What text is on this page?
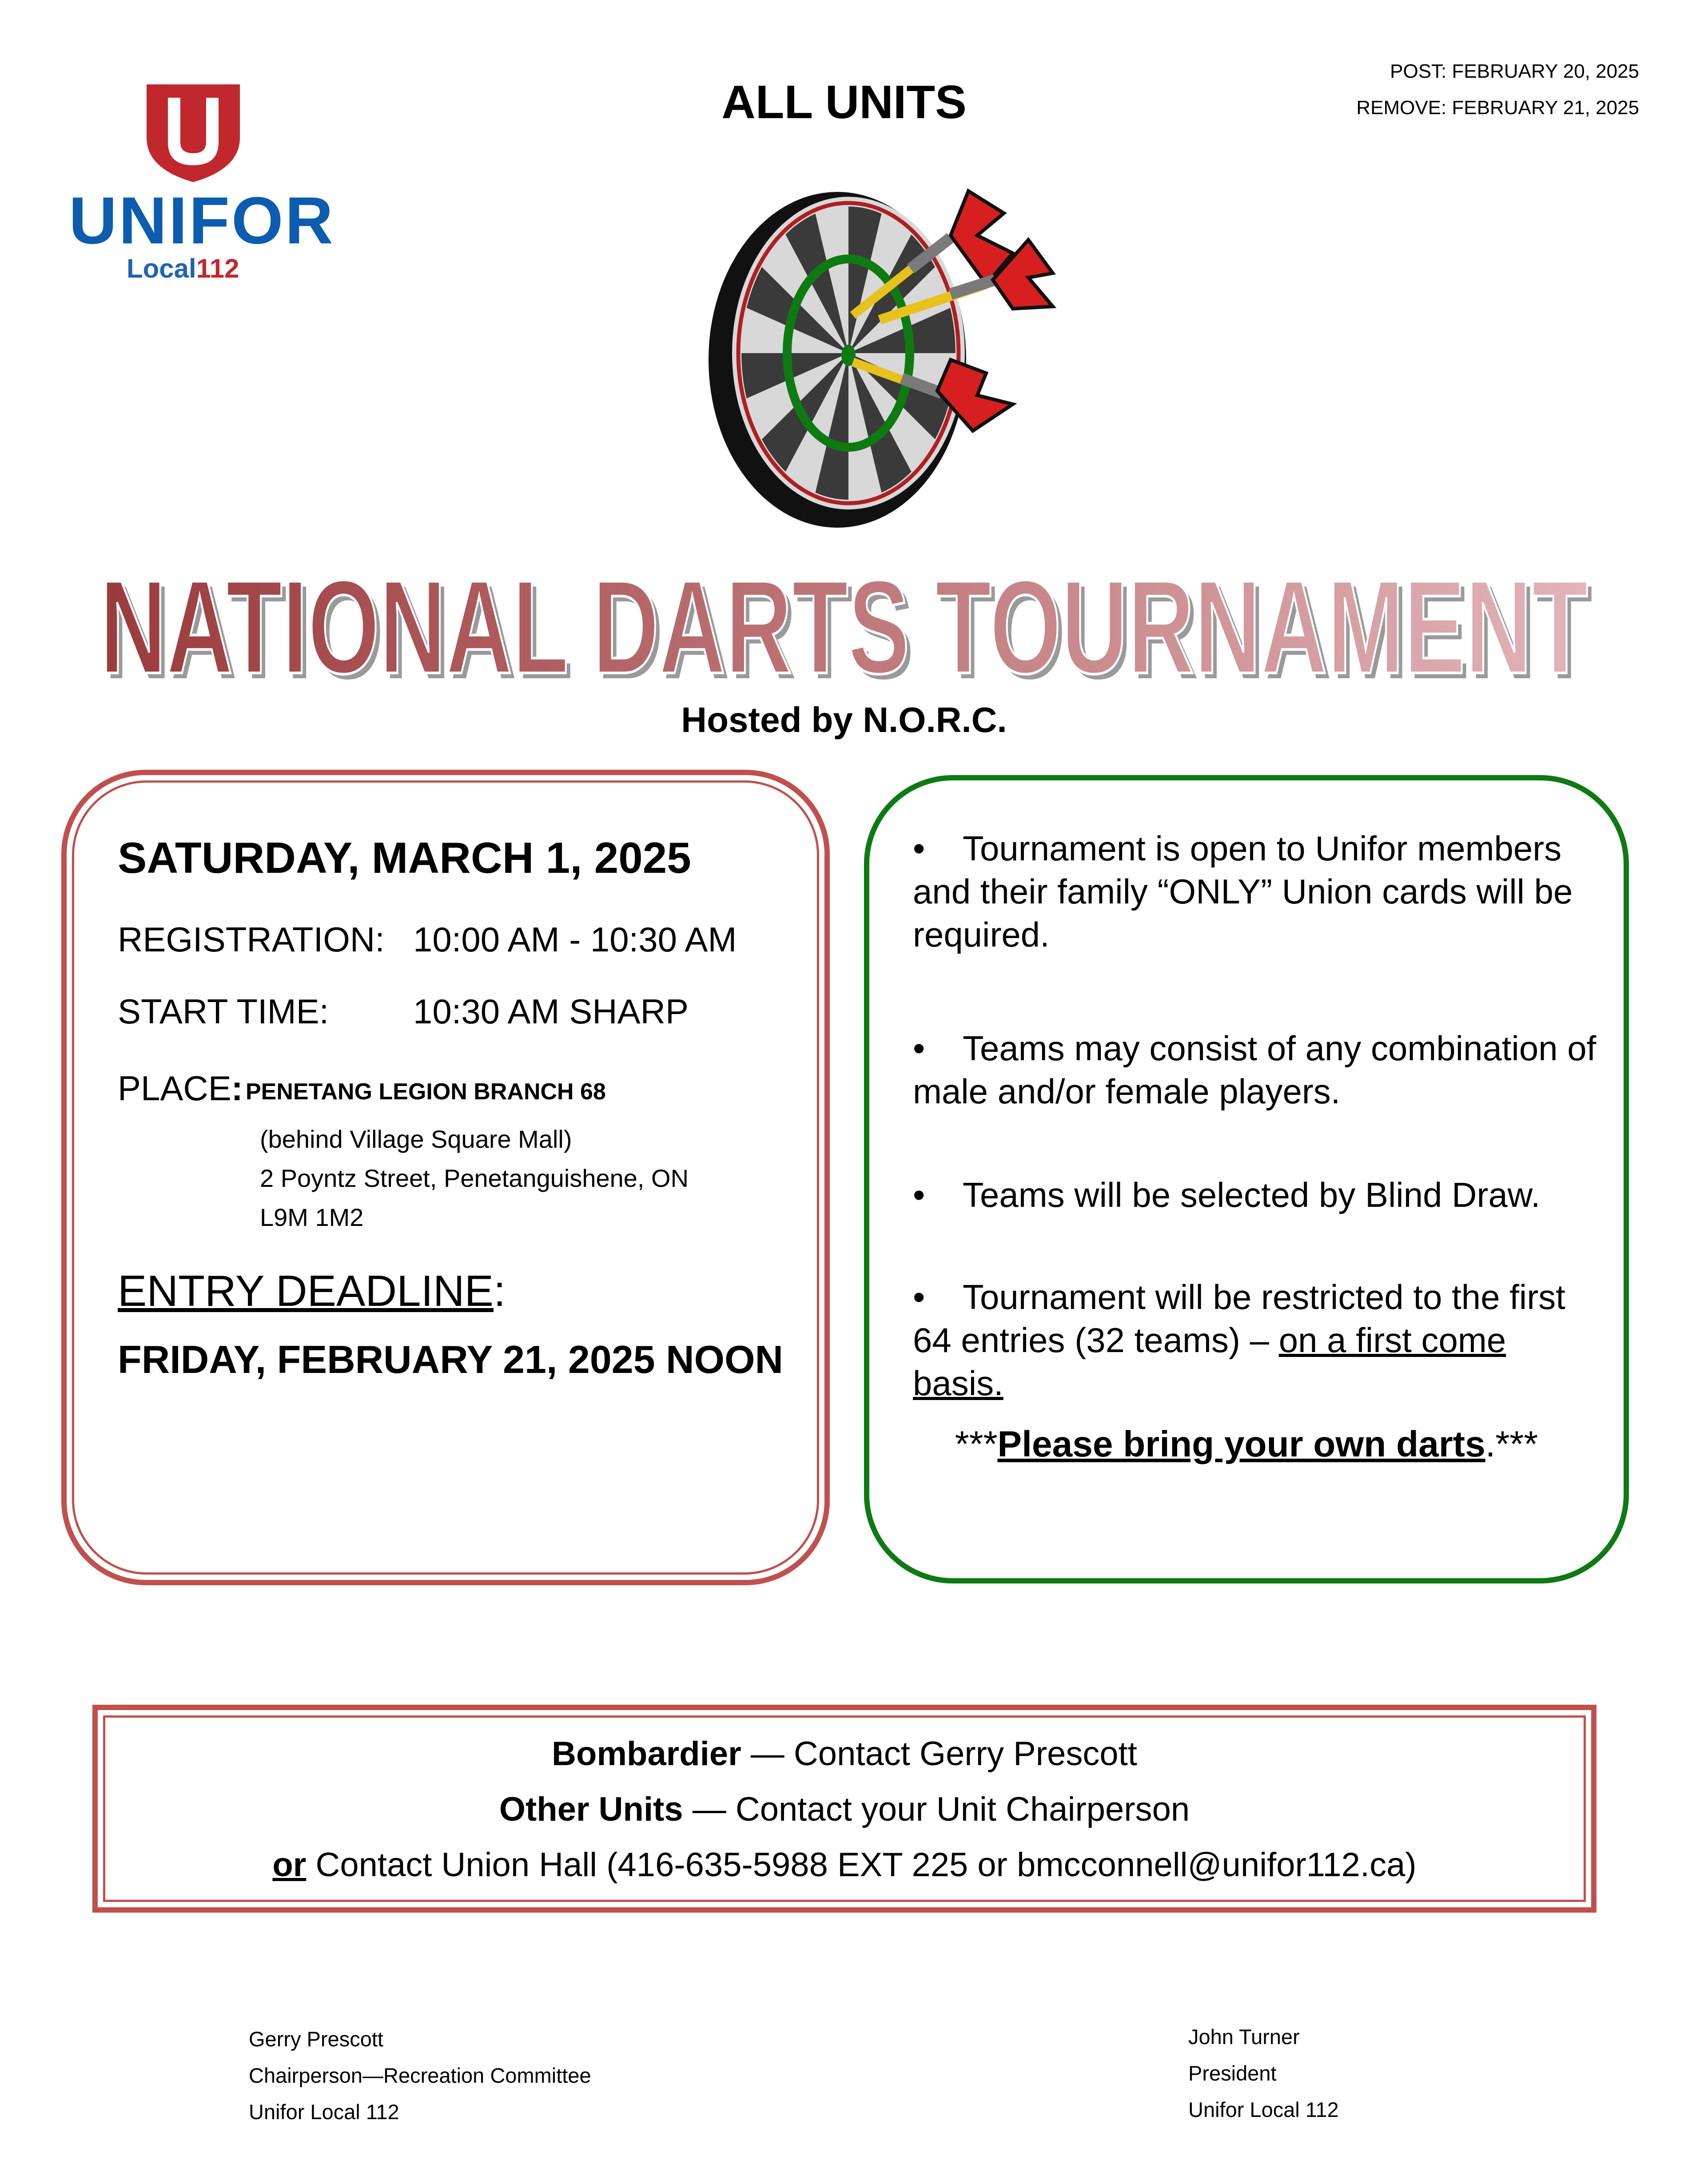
POST: FEBRUARY 20, 2025
REMOVE: FEBRUARY 21, 2025
UNIFOR
Local112
ALL UNITS
NATIONAL DARTS TOURNAMENT
NATIONAL DARTS TOURNAMENT
Hosted by N.O.R.C.
SATURDAY, MARCH 1, 2025
REGISTRATION: 10:00 AM - 10:30 AM
START TIME: 10:30 AM SHARP
PLACE: PENETANG LEGION BRANCH 68
(behind Village Square Mall)
2 Poyntz Street, Penetanguishene, ON
L9M 1M2
ENTRY DEADLINE:
FRIDAY, FEBRUARY 21, 2025 NOON
• Tournament is open to Unifor members and their family “ONLY” Union cards will be required.
• Teams may consist of any combination of male and/or female players.
• Teams will be selected by Blind Draw.
• Tournament will be restricted to the first 64 entries (32 teams) – on a first come basis.
***Please bring your own darts.***
Bombardier — Contact Gerry Prescott
Other Units — Contact your Unit Chairperson
or Contact Union Hall (416-635-5988 EXT 225 or bmcconnell@unifor112.ca)
Gerry Prescott
Chairperson—Recreation Committee
Unifor Local 112
John Turner
President
Unifor Local 112
